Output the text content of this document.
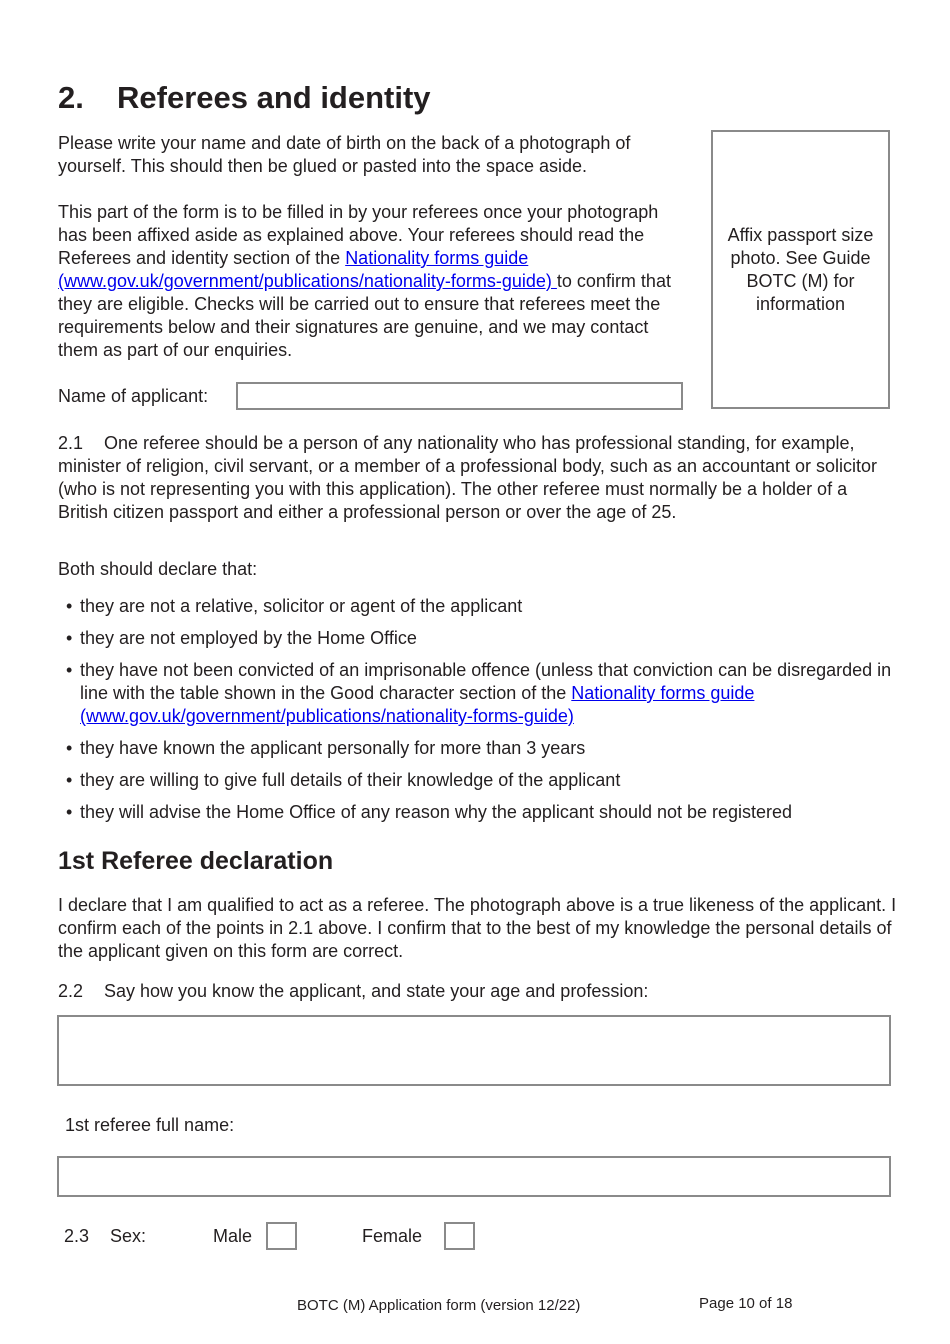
2. Referees and identity

Please write your name and date of birth on the back of a photograph of yourself. This should then be glued or pasted into the space aside.

This part of the form is to be filled in by your referees once your photograph has been affixed aside as explained above. Your referees should read the Referees and identity section of the Nationality forms guide (www.gov.uk/government/publications/nationality-forms-guide) to confirm that they are eligible. Checks will be carried out to ensure that referees meet the requirements below and their signatures are genuine, and we may contact them as part of our enquiries.

Affix passport size photo. See Guide BOTC (M) for information
Name of applicant:

2.1 One referee should be a person of any nationality who has professional standing, for example, minister of religion, civil servant, or a member of a professional body, such as an accountant or solicitor (who is not representing you with this application). The other referee must normally be a holder of a British citizen passport and either a professional person or over the age of 25.

Both should declare that:
• they are not a relative, solicitor or agent of the applicant
• they are not employed by the Home Office
• they have not been convicted of an imprisonable offence (unless that conviction can be disregarded in line with the table shown in the Good character section of the Nationality forms guide (www.gov.uk/government/publications/nationality-forms-guide)
• they have known the applicant personally for more than 3 years
• they are willing to give full details of their knowledge of the applicant
• they will advise the Home Office of any reason why the applicant should not be registered
1st Referee declaration

I declare that I am qualified to act as a referee. The photograph above is a true likeness of the applicant. I confirm each of the points in 2.1 above. I confirm that to the best of my knowledge the personal details of the applicant given on this form are correct.

2.2 Say how you know the applicant, and state your age and profession:
1st referee full name:
2.3 Sex:	Male	Female
BOTC (M) Application form (version 12/22)	Page 10 of 18
